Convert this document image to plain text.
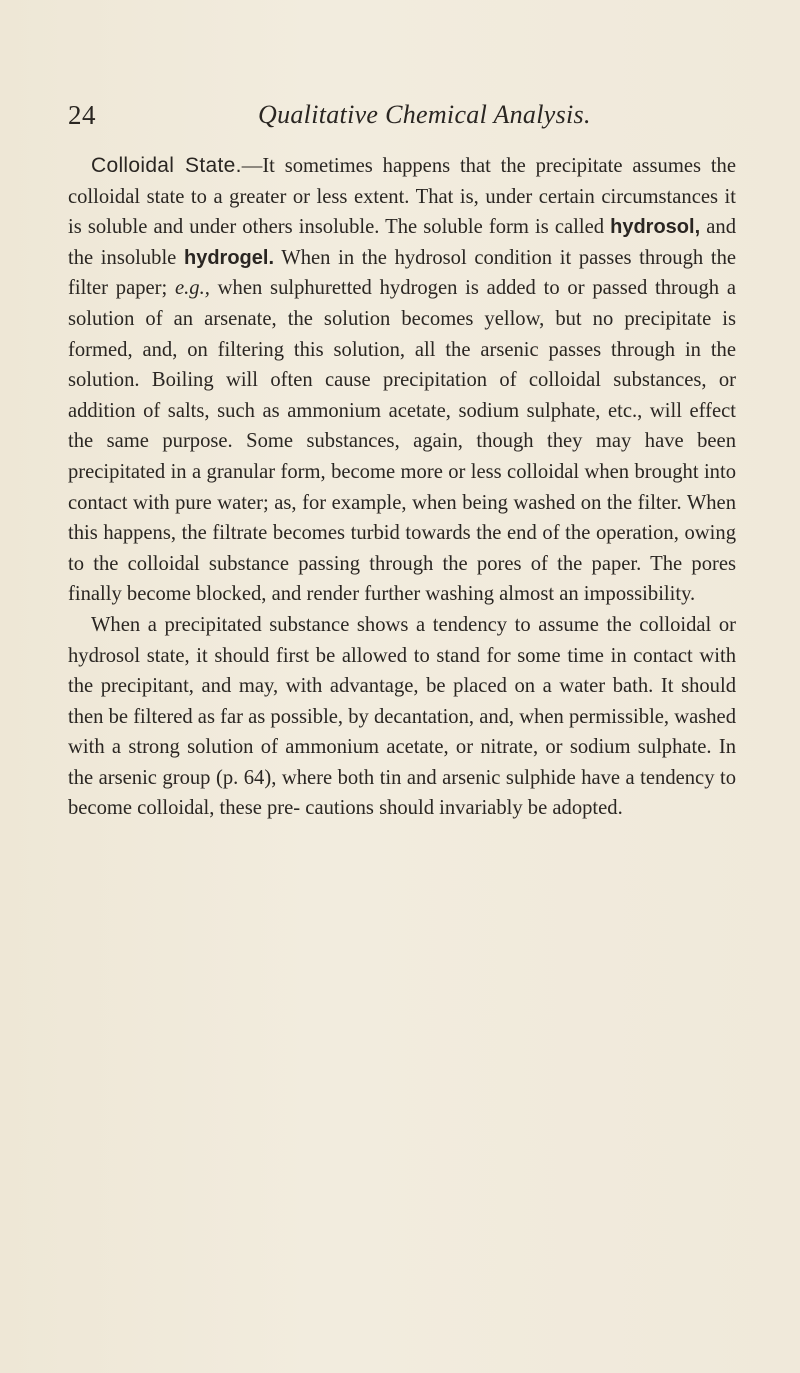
24	Qualitative Chemical Analysis.

Colloidal State.—It sometimes happens that the precipitate assumes the colloidal state to a greater or less extent. That is, under certain circumstances it is soluble and under others insoluble. The soluble form is called hydrosol, and the insoluble hydrogel. When in the hydrosol condition it passes through the filter paper; e.g., when sulphuretted hydrogen is added to or passed through a solution of an arsenate, the solution becomes yellow, but no precipitate is formed, and, on filtering this solution, all the arsenic passes through in the solution. Boiling will often cause precipitation of colloidal substances, or addition of salts, such as ammonium acetate, sodium sulphate, etc., will effect the same purpose. Some substances, again, though they may have been precipitated in a granular form, become more or less colloidal when brought into contact with pure water; as, for example, when being washed on the filter. When this happens, the filtrate becomes turbid towards the end of the operation, owing to the colloidal substance passing through the pores of the paper. The pores finally become blocked, and render further washing almost an impossibility.

When a precipitated substance shows a tendency to assume the colloidal or hydrosol state, it should first be allowed to stand for some time in contact with the precipitant, and may, with advantage, be placed on a water bath. It should then be filtered as far as possible, by decantation, and, when permissible, washed with a strong solution of ammonium acetate, or nitrate, or sodium sulphate. In the arsenic group (p. 64), where both tin and arsenic sulphide have a tendency to become colloidal, these pre- cautions should invariably be adopted.
